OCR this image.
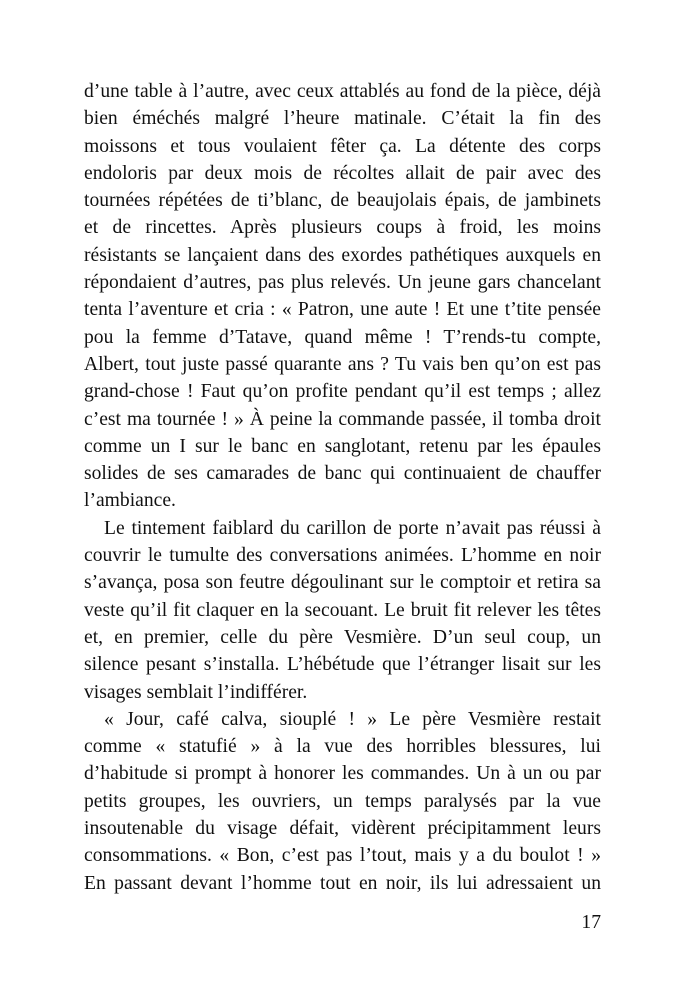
d’une table à l’autre, avec ceux attablés au fond de la pièce, déjà
bien éméchés malgré l’heure matinale. C’était la fin des
moissons et tous voulaient fêter ça. La détente des corps
endoloris par deux mois de récoltes allait de pair avec des
tournées répétées de ti’blanc, de beaujolais épais, de jambinets
et de rincettes. Après plusieurs coups à froid, les moins
résistants se lançaient dans des exordes pathétiques auxquels en
répondaient d’autres, pas plus relevés. Un jeune gars chancelant
tenta l’aventure et cria : « Patron, une aute ! Et une t’tite pensée
pou la femme d’Tatave, quand même ! T’rends-tu compte,
Albert, tout juste passé quarante ans ? Tu vais ben qu’on est pas
grand-chose ! Faut qu’on profite pendant qu’il est temps ; allez
c’est ma tournée ! » À peine la commande passée, il tomba droit
comme un I sur le banc en sanglotant, retenu par les épaules
solides de ses camarades de banc qui continuaient de chauffer
l’ambiance.
Le tintement faiblard du carillon de porte n’avait pas réussi à
couvrir le tumulte des conversations animées. L’homme en noir
s’avança, posa son feutre dégoulinant sur le comptoir et retira sa
veste qu’il fit claquer en la secouant. Le bruit fit relever les têtes
et, en premier, celle du père Vesmière. D’un seul coup, un
silence pesant s’installa. L’hébétude que l’étranger lisait sur les
visages semblait l’indifférer.
« Jour, café calva, siouplé ! » Le père Vesmière restait
comme « statufié » à la vue des horribles blessures, lui
d’habitude si prompt à honorer les commandes. Un à un ou par
petits groupes, les ouvriers, un temps paralysés par la vue
insoutenable du visage défait, vidèrent précipitamment leurs
consommations. « Bon, c’est pas l’tout, mais y a du boulot ! »
En passant devant l’homme tout en noir, ils lui adressaient un
17
